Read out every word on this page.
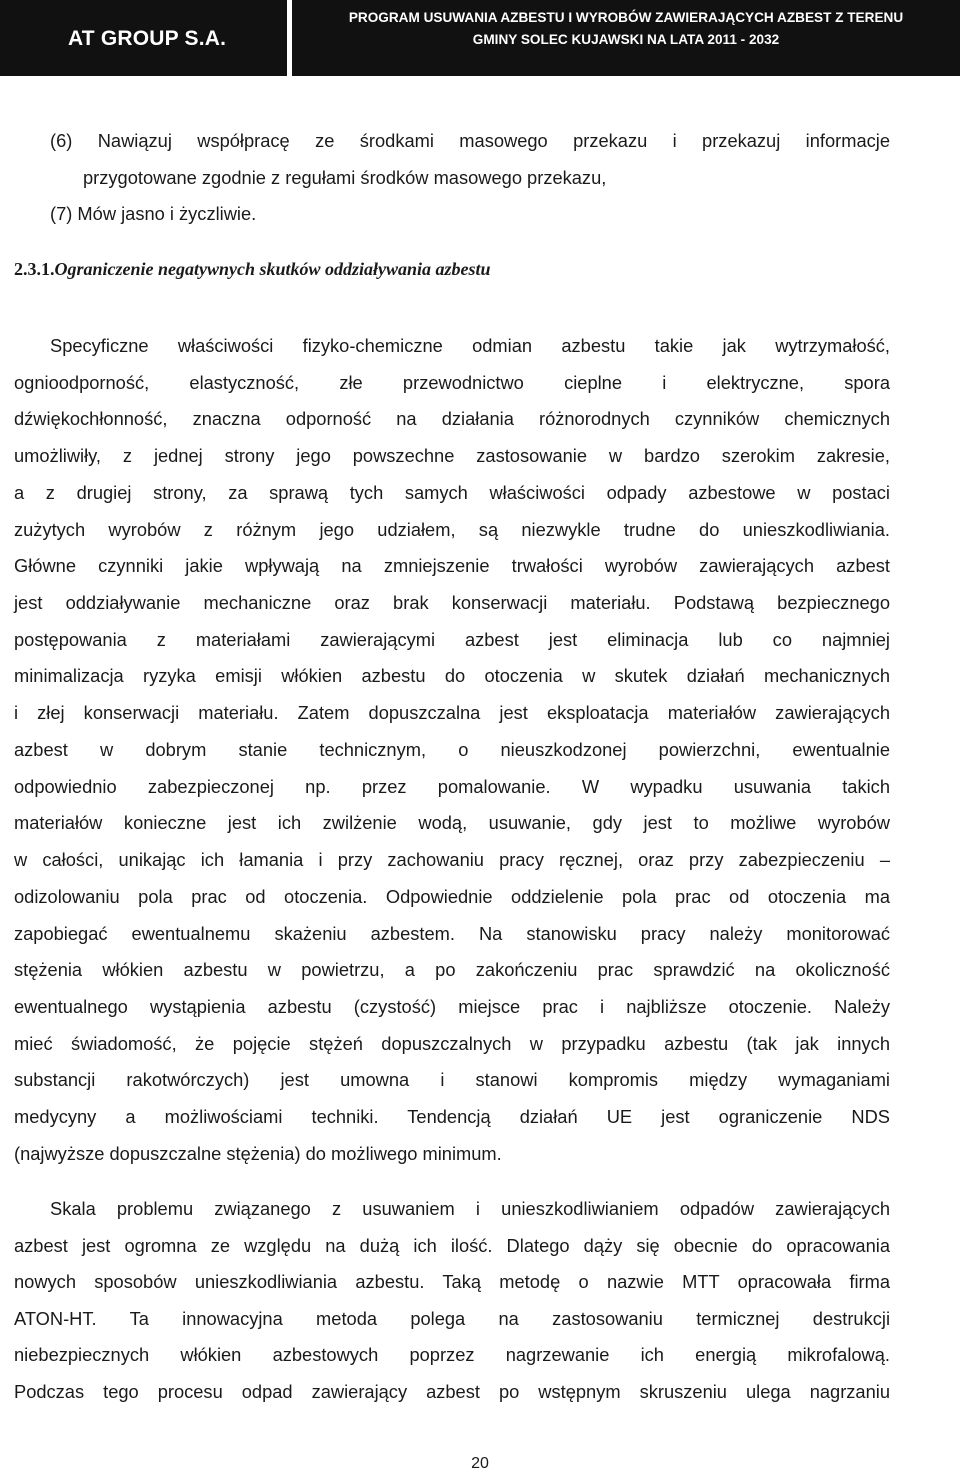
AT GROUP S.A.
PROGRAM USUWANIA AZBESTU I WYROBÓW ZAWIERAJĄCYCH AZBEST Z TERENU
GMINY SOLEC KUJAWSKI NA LATA 2011 - 2032
(6) Nawiązuj współpracę ze środkami masowego przekazu i przekazuj informacje
przygotowane zgodnie z regułami środków masowego przekazu,
(7) Mów jasno i życzliwie.
2.3.1.Ograniczenie negatywnych skutków oddziaływania azbestu
Specyficzne właściwości fizyko-chemiczne odmian azbestu takie jak wytrzymałość,
ognioodporność, elastyczność, złe przewodnictwo cieplne i elektryczne, spora
dźwiękochłonność, znaczna odporność na działania różnorodnych czynników chemicznych
umożliwiły, z jednej strony jego powszechne zastosowanie w bardzo szerokim zakresie,
a z drugiej strony, za sprawą tych samych właściwości odpady azbestowe w postaci
zużytych wyrobów z różnym jego udziałem, są niezwykle trudne do unieszkodliwiania.
Główne czynniki jakie wpływają na zmniejszenie trwałości wyrobów zawierających azbest
jest oddziaływanie mechaniczne oraz brak konserwacji materiału. Podstawą bezpiecznego
postępowania z materiałami zawierającymi azbest jest eliminacja lub co najmniej
minimalizacja ryzyka emisji włókien azbestu do otoczenia w skutek działań mechanicznych
i złej konserwacji materiału. Zatem dopuszczalna jest eksploatacja materiałów zawierających
azbest w dobrym stanie technicznym, o nieuszkodzonej powierzchni, ewentualnie
odpowiednio zabezpieczonej np. przez pomalowanie. W wypadku usuwania takich
materiałów konieczne jest ich zwilżenie wodą, usuwanie, gdy jest to możliwe wyrobów
w całości, unikając ich łamania i przy zachowaniu pracy ręcznej, oraz przy zabezpieczeniu –
odizolowaniu pola prac od otoczenia. Odpowiednie oddzielenie pola prac od otoczenia ma
zapobiegać ewentualnemu skażeniu azbestem. Na stanowisku pracy należy monitorować
stężenia włókien azbestu w powietrzu, a po zakończeniu prac sprawdzić na okoliczność
ewentualnego wystąpienia azbestu (czystość) miejsce prac i najbliższe otoczenie. Należy
mieć świadomość, że pojęcie stężeń dopuszczalnych w przypadku azbestu (tak jak innych
substancji rakotwórczych) jest umowna i stanowi kompromis między wymaganiami
medycyny a możliwościami techniki. Tendencją działań UE jest ograniczenie NDS
(najwyższe dopuszczalne stężenia) do możliwego minimum.
Skala problemu związanego z usuwaniem i unieszkodliwianiem odpadów zawierających
azbest jest ogromna ze względu na dużą ich ilość. Dlatego dąży się obecnie do opracowania
nowych sposobów unieszkodliwiania azbestu. Taką metodę o nazwie MTT opracowała firma
ATON-HT. Ta innowacyjna metoda polega na zastosowaniu termicznej destrukcji
niebezpiecznych włókien azbestowych poprzez nagrzewanie ich energią mikrofalową.
Podczas tego procesu odpad zawierający azbest po wstępnym skruszeniu ulega nagrzaniu
20
